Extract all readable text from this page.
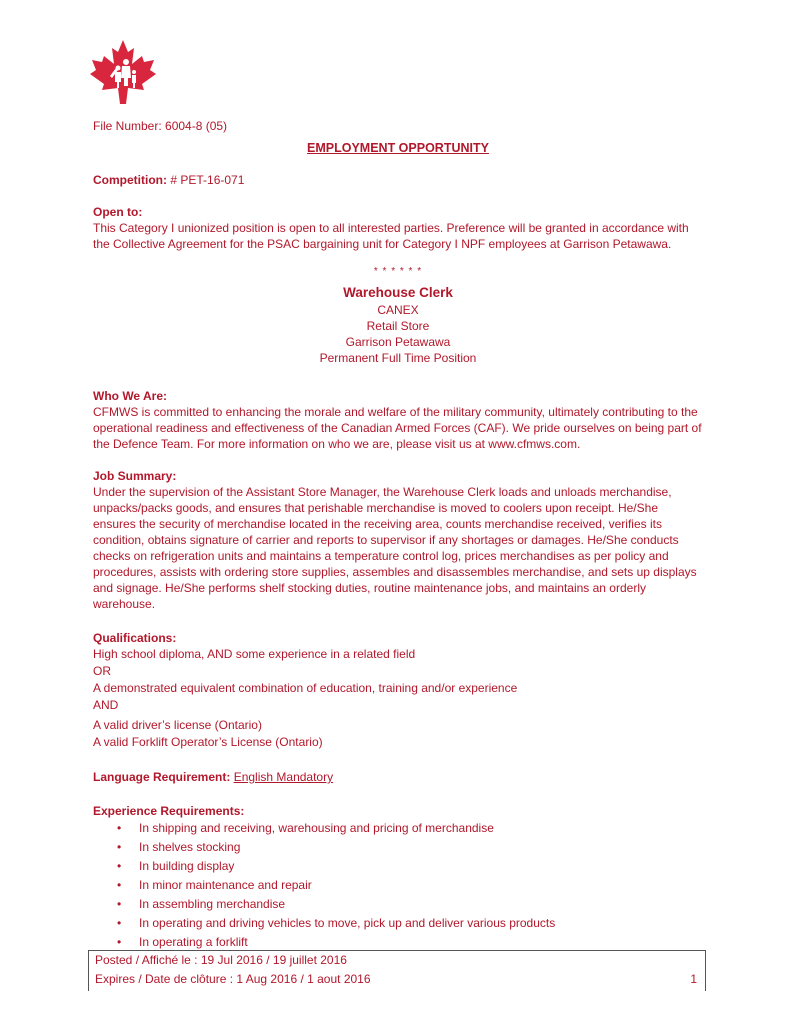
File Number: 6004-8 (05)

EMPLOYMENT OPPORTUNITY

Competition: # PET-16-071

Open to:

This Category I unionized position is open to all interested parties. Preference will be granted in accordance with the Collective Agreement for the PSAC bargaining unit for Category I NPF employees at Garrison Petawawa.

* * * * * *

Warehouse Clerk

CANEX

Retail Store

Garrison Petawawa

Permanent Full Time Position

Who We Are:

CFMWS is committed to enhancing the morale and welfare of the military community, ultimately contributing to the operational readiness and effectiveness of the Canadian Armed Forces (CAF). We pride ourselves on being part of the Defence Team. For more information on who we are, please visit us at www.cfmws.com.

Job Summary:

Under the supervision of the Assistant Store Manager, the Warehouse Clerk loads and unloads merchandise, unpacks/packs goods, and ensures that perishable merchandise is moved to coolers upon receipt. He/She ensures the security of merchandise located in the receiving area, counts merchandise received, verifies its condition, obtains signature of carrier and reports to supervisor if any shortages or damages. He/She conducts checks on refrigeration units and maintains a temperature control log, prices merchandises as per policy and procedures, assists with ordering store supplies, assembles and disassembles merchandise, and sets up displays and signage. He/She performs shelf stocking duties, routine maintenance jobs, and maintains an orderly warehouse.

Qualifications:

High school diploma, AND some experience in a related field

OR

A demonstrated equivalent combination of education, training and/or experience

AND

A valid driver’s license (Ontario)

A valid Forklift Operator’s License (Ontario)

Language Requirement: English Mandatory

Experience Requirements:

• In shipping and receiving, warehousing and pricing of merchandise
• In shelves stocking
• In building display
• In minor maintenance and repair
• In assembling merchandise
• In operating and driving vehicles to move, pick up and deliver various products
• In operating a forklift
Posted / Affiché le : 19 Jul 2016 / 19 juillet 2016
Expires / Date de clôture : 1 Aug 2016 / 1 aout 2016	1
